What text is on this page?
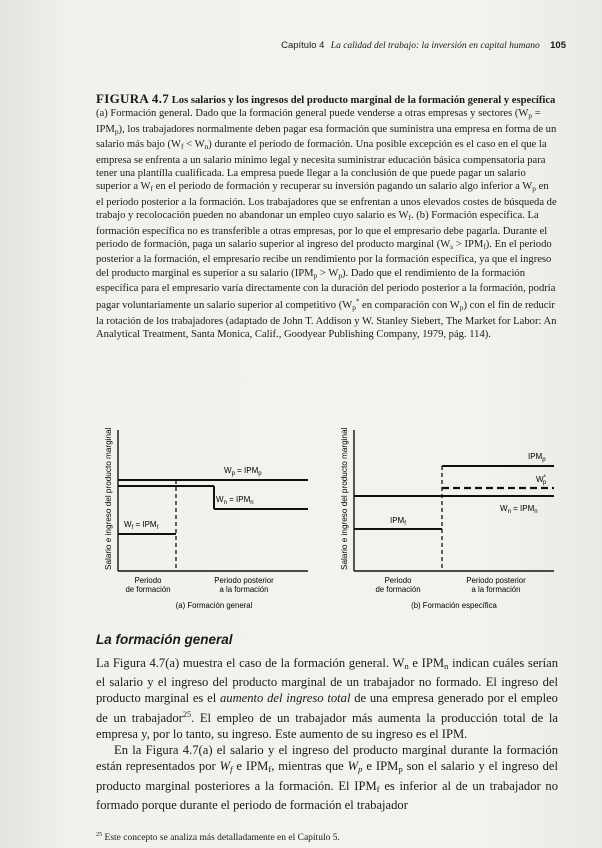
Capítulo 4 La calidad del trabajo: la inversión en capital humano 105
FIGURA 4.7 Los salarios y los ingresos del producto marginal de la formación general y específica
(a) Formación general. Dado que la formación general puede venderse a otras empresas y sectores $(W_p = IPM_p)$, los trabajadores normalmente deben pagar esa formación que suministra una empresa en forma de un salario más bajo $(W_f < W_n)$ durante el periodo de formación. Una posible excepción es el caso en el que la empresa se enfrenta a un salario mínimo legal y necesita suministrar educación básica compensatoria para tener una plantilla cualificada. La empresa puede llegar a la conclusión de que puede pagar un salario superior a $W_f$ en el periodo de formación y recuperar su inversión pagando un salario algo inferior a $W_p$ en el periodo posterior a la formación. Los trabajadores que se enfrentan a unos elevados costes de búsqueda de trabajo y recolocación pueden no abandonar un empleo cuyo salario es $W_f$. (b) Formación específica. La formación específica no es transferible a otras empresas, por lo que el empresario debe pagarla. Durante el periodo de formación, paga un salario superior al ingreso del producto marginal $(W_s > IPM_f)$. En el periodo posterior a la formación, el empresario recibe un rendimiento por la formación específica, ya que el ingreso del producto marginal es superior a su salario $(IPM_p > W_p)$. Dado que el rendimiento de la formación específica para el empresario varía directamente con la duración del periodo posterior a la formación, podría pagar voluntariamente un salario superior al competitivo ($W_p^*$ en comparación con $W_p$) con el fin de reducir la rotación de los trabajadores (adaptado de John T. Addison y W. Stanley Siebert, The Market for Labor: An Analytical Treatment, Santa Monica, Calif., Goodyear Publishing Company, 1979, pág. 114).
Salario e ingreso del producto marginal	$W_p = IPM_p$
$W_n = IPM_n$
$W_f = IPM_f$
Periodo
de formación
Periodo posterior
a la formación
(a) Formación general
Salario e ingreso del producto marginal	$IPM_p$
W* p
$W_n = IPM_n$
$IPM_f$
Periodo
de formación
Periodo posterior
a la formación
(b) Formación específica
La formación general

La Figura 4.7(a) muestra el caso de la formación general. $W_n$ e $IPM_n$ indican cuáles serían el salario y el ingreso del producto marginal de un trabajador no formado. El ingreso del producto marginal es el aumento del ingreso total de una empresa generado por el empleo de un trabajador$^{25}$. El empleo de un trabajador más aumenta la producción total de la empresa y, por lo tanto, su ingreso. Este aumento de su ingreso es el IPM.

En la Figura 4.7(a) el salario y el ingreso del producto marginal durante la formación están representados por $W_f$ e $IPM_f$, mientras que $W_p$ e $IPM_p$ son el salario y el ingreso del producto marginal posteriores a la formación. El $IPM_f$ es inferior al de un trabajador no formado porque durante el periodo de formación el trabajador

$^{25}$ Este concepto se analiza más detalladamente en el Capítulo 5.
